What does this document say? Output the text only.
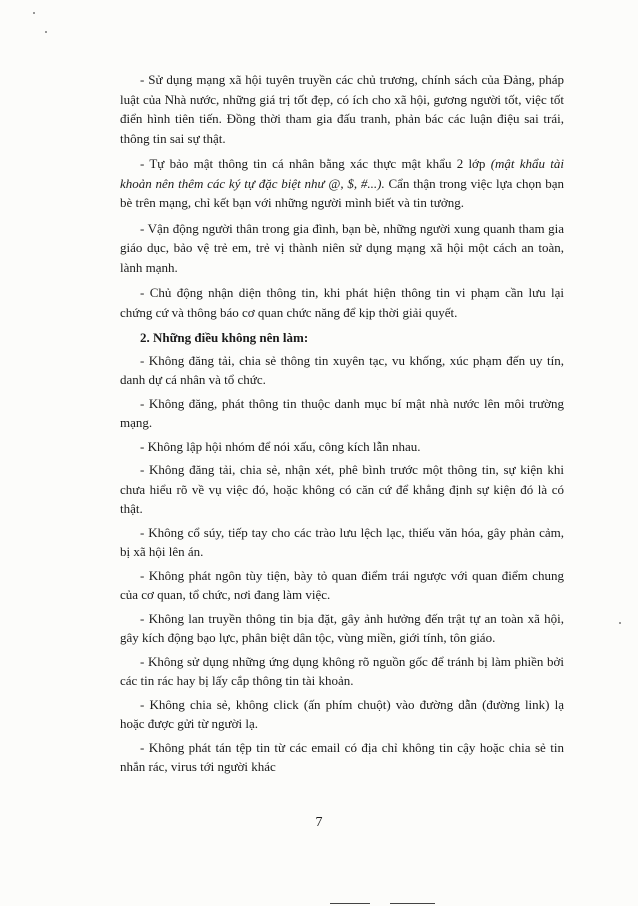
- Sử dụng mạng xã hội tuyên truyền các chủ trương, chính sách của Đảng, pháp luật của Nhà nước, những giá trị tốt đẹp, có ích cho xã hội, gương người tốt, việc tốt điển hình tiên tiến. Đồng thời tham gia đấu tranh, phản bác các luận điệu sai trái, thông tin sai sự thật.

- Tự bảo mật thông tin cá nhân bằng xác thực mật khẩu 2 lớp (mật khẩu tài khoản nên thêm các ký tự đặc biệt như @, $, #...). Cẩn thận trong việc lựa chọn bạn bè trên mạng, chỉ kết bạn với những người mình biết và tin tưởng.

- Vận động người thân trong gia đình, bạn bè, những người xung quanh tham gia giáo dục, bảo vệ trẻ em, trẻ vị thành niên sử dụng mạng xã hội một cách an toàn, lành mạnh.

- Chủ động nhận diện thông tin, khi phát hiện thông tin vi phạm cần lưu lại chứng cứ và thông báo cơ quan chức năng để kịp thời giải quyết.

2. Những điều không nên làm:

- Không đăng tải, chia sẻ thông tin xuyên tạc, vu khống, xúc phạm đến uy tín, danh dự cá nhân và tổ chức.

- Không đăng, phát thông tin thuộc danh mục bí mật nhà nước lên môi trường mạng.

- Không lập hội nhóm để nói xấu, công kích lẫn nhau.

- Không đăng tải, chia sẻ, nhận xét, phê bình trước một thông tin, sự kiện khi chưa hiểu rõ về vụ việc đó, hoặc không có căn cứ để khẳng định sự kiện đó là có thật.

- Không cổ súy, tiếp tay cho các trào lưu lệch lạc, thiếu văn hóa, gây phản cảm, bị xã hội lên án.

- Không phát ngôn tùy tiện, bày tỏ quan điểm trái ngược với quan điểm chung của cơ quan, tổ chức, nơi đang làm việc.

- Không lan truyền thông tin bịa đặt, gây ảnh hưởng đến trật tự an toàn xã hội, gây kích động bạo lực, phân biệt dân tộc, vùng miền, giới tính, tôn giáo.

- Không sử dụng những ứng dụng không rõ nguồn gốc để tránh bị làm phiền bởi các tin rác hay bị lấy cắp thông tin tài khoản.

- Không chia sẻ, không click (ấn phím chuột) vào đường dẫn (đường link) lạ hoặc được gửi từ người lạ.

- Không phát tán tệp tin từ các email có địa chỉ không tin cậy hoặc chia sẻ tin nhắn rác, virus tới người khác

7
